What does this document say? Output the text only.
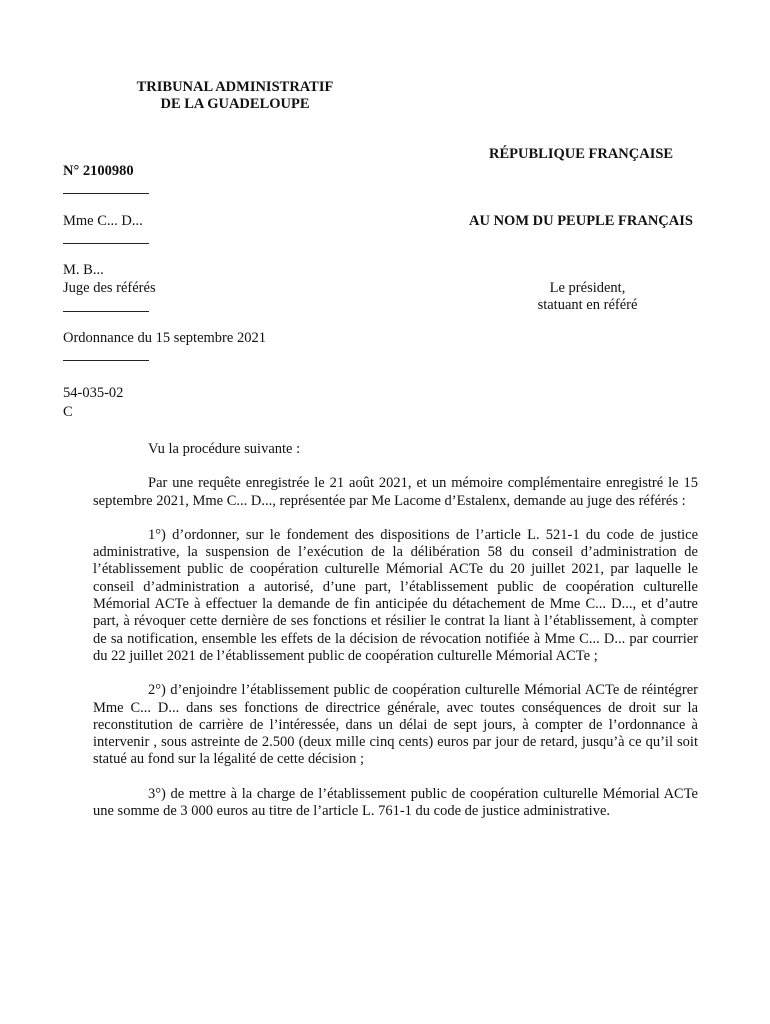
TRIBUNAL ADMINISTRATIF
DE LA GUADELOUPE
RÉPUBLIQUE FRANÇAISE
N° 2100980
Mme C... D...	AU NOM DU PEUPLE FRANÇAIS
M. B...
Juge des référés	Le président,
statuant en référé
Ordonnance du 15 septembre 2021
54-035-02
C

Vu la procédure suivante :

Par une requête enregistrée le 21 août 2021, et un mémoire complémentaire enregistré le 15 septembre 2021, Mme C... D..., représentée par Me Lacome d’Estalenx, demande au juge des référés :

1°) d’ordonner, sur le fondement des dispositions de l’article L. 521-1 du code de justice administrative, la suspension de l’exécution de la délibération 58 du conseil d’administration de l’établissement public de coopération culturelle Mémorial ACTe du 20 juillet 2021, par laquelle le conseil d’administration a autorisé, d’une part, l’établissement public de coopération culturelle Mémorial ACTe à effectuer la demande de fin anticipée du détachement de Mme C... D..., et d’autre part, à révoquer cette dernière de ses fonctions et résilier le contrat la liant à l’établissement, à compter de sa notification, ensemble les effets de la décision de révocation notifiée à Mme C... D... par courrier du 22 juillet 2021 de l’établissement public de coopération culturelle Mémorial ACTe ;

2°) d’enjoindre l’établissement public de coopération culturelle Mémorial ACTe de réintégrer Mme C... D... dans ses fonctions de directrice générale, avec toutes conséquences de droit sur la reconstitution de carrière de l’intéressée, dans un délai de sept jours, à compter de l’ordonnance à intervenir , sous astreinte de 2.500 (deux mille cinq cents) euros par jour de retard, jusqu’à ce qu’il soit statué au fond sur la légalité de cette décision ;

3°) de mettre à la charge de l’établissement public de coopération culturelle Mémorial ACTe une somme de 3 000 euros au titre de l’article L. 761-1 du code de justice administrative.
